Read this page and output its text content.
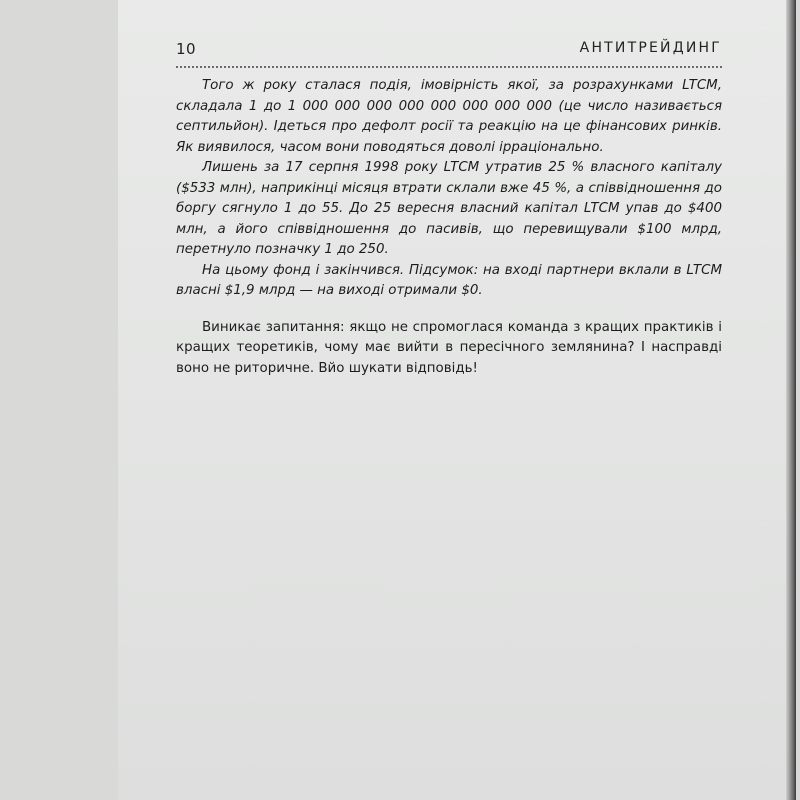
10	АНТИТРЕЙДИНГ

Того ж року сталася подія, імовірність якої, за розрахунками LTCM, складала 1 до 1 000 000 000 000 000 000 000 000 (це число називається септильйон). Ідеться про дефолт росії та реакцію на це фінансових ринків. Як виявилося, часом вони поводяться доволі ірраціонально.

Лишень за 17 серпня 1998 року LTCM утратив 25 % власного капіталу ($533 млн), наприкінці місяця втрати склали вже 45 %, а співвідношення до боргу сягнуло 1 до 55. До 25 вересня власний капітал LTCM упав до $400 млн, а його співвідношення до пасивів, що перевищували $100 млрд, перетнуло позначку 1 до 250.

На цьому фонд і закінчився. Підсумок: на вході партнери вклали в LTCM власні $1,9 млрд — на виході отримали $0.

Виникає запитання: якщо не спромоглася команда з кращих практиків і кращих теоретиків, чому має вийти в пересічного землянина? І насправді воно не риторичне. Вйо шукати відповідь!
